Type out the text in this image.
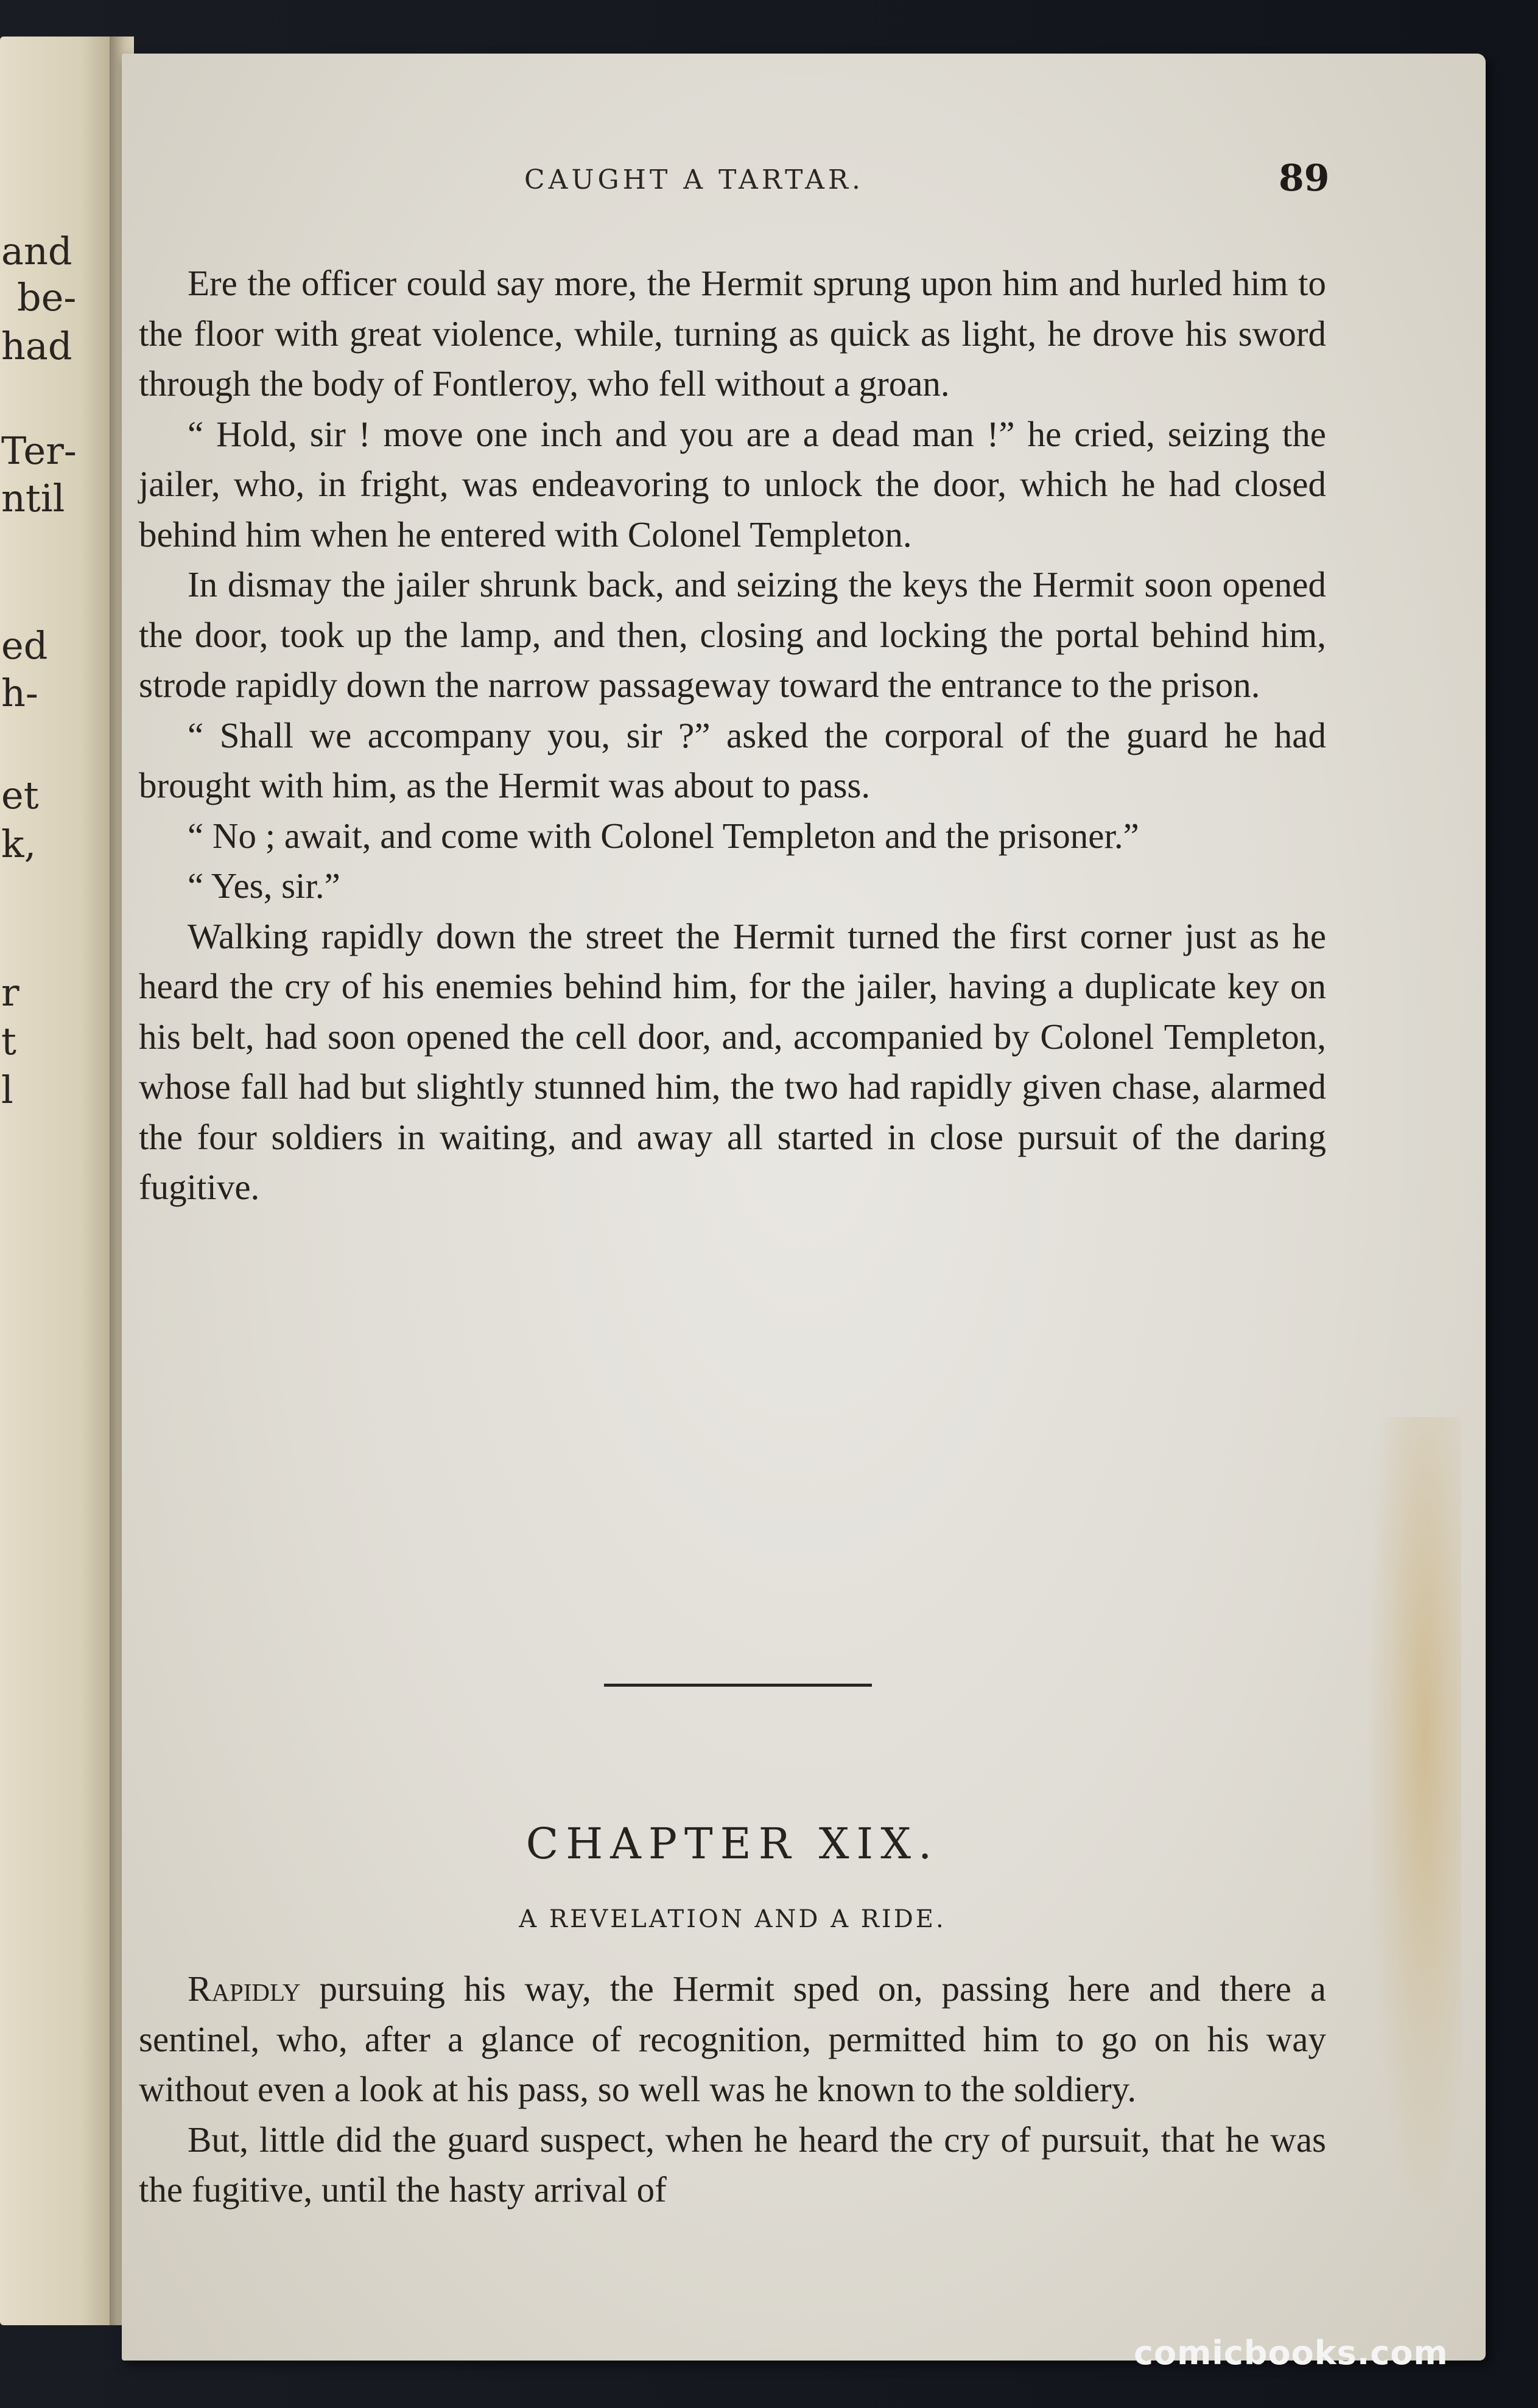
and
be-
had
Ter-
ntil
ed
h-
et
k,
r
t
l
CAUGHT A TARTAR.	89

Ere the officer could say more, the Hermit sprung upon him and hurled him to the floor with great violence, while, turning as quick as light, he drove his sword through the body of Fontleroy, who fell without a groan.

“ Hold, sir ! move one inch and you are a dead man !” he cried, seizing the jailer, who, in fright, was endeavoring to unlock the door, which he had closed behind him when he entered with Colonel Templeton.

In dismay the jailer shrunk back, and seizing the keys the Hermit soon opened the door, took up the lamp, and then, closing and locking the portal behind him, strode rapidly down the narrow passageway toward the entrance to the prison.

“ Shall we accompany you, sir ?” asked the corporal of the guard he had brought with him, as the Hermit was about to pass.

“ No ; await, and come with Colonel Templeton and the prisoner.”

“ Yes, sir.”

Walking rapidly down the street the Hermit turned the first corner just as he heard the cry of his enemies behind him, for the jailer, having a duplicate key on his belt, had soon opened the cell door, and, accompanied by Colonel Templeton, whose fall had but slightly stunned him, the two had rapidly given chase, alarmed the four soldiers in waiting, and away all started in close pursuit of the daring fugitive.

CHAPTER XIX.
A REVELATION AND A RIDE.

Rapidly pursuing his way, the Hermit sped on, passing here and there a sentinel, who, after a glance of recognition, permitted him to go on his way without even a look at his pass, so well was he known to the soldiery.

But, little did the guard suspect, when he heard the cry of pursuit, that he was the fugitive, until the hasty arrival of

comicbooks.com
